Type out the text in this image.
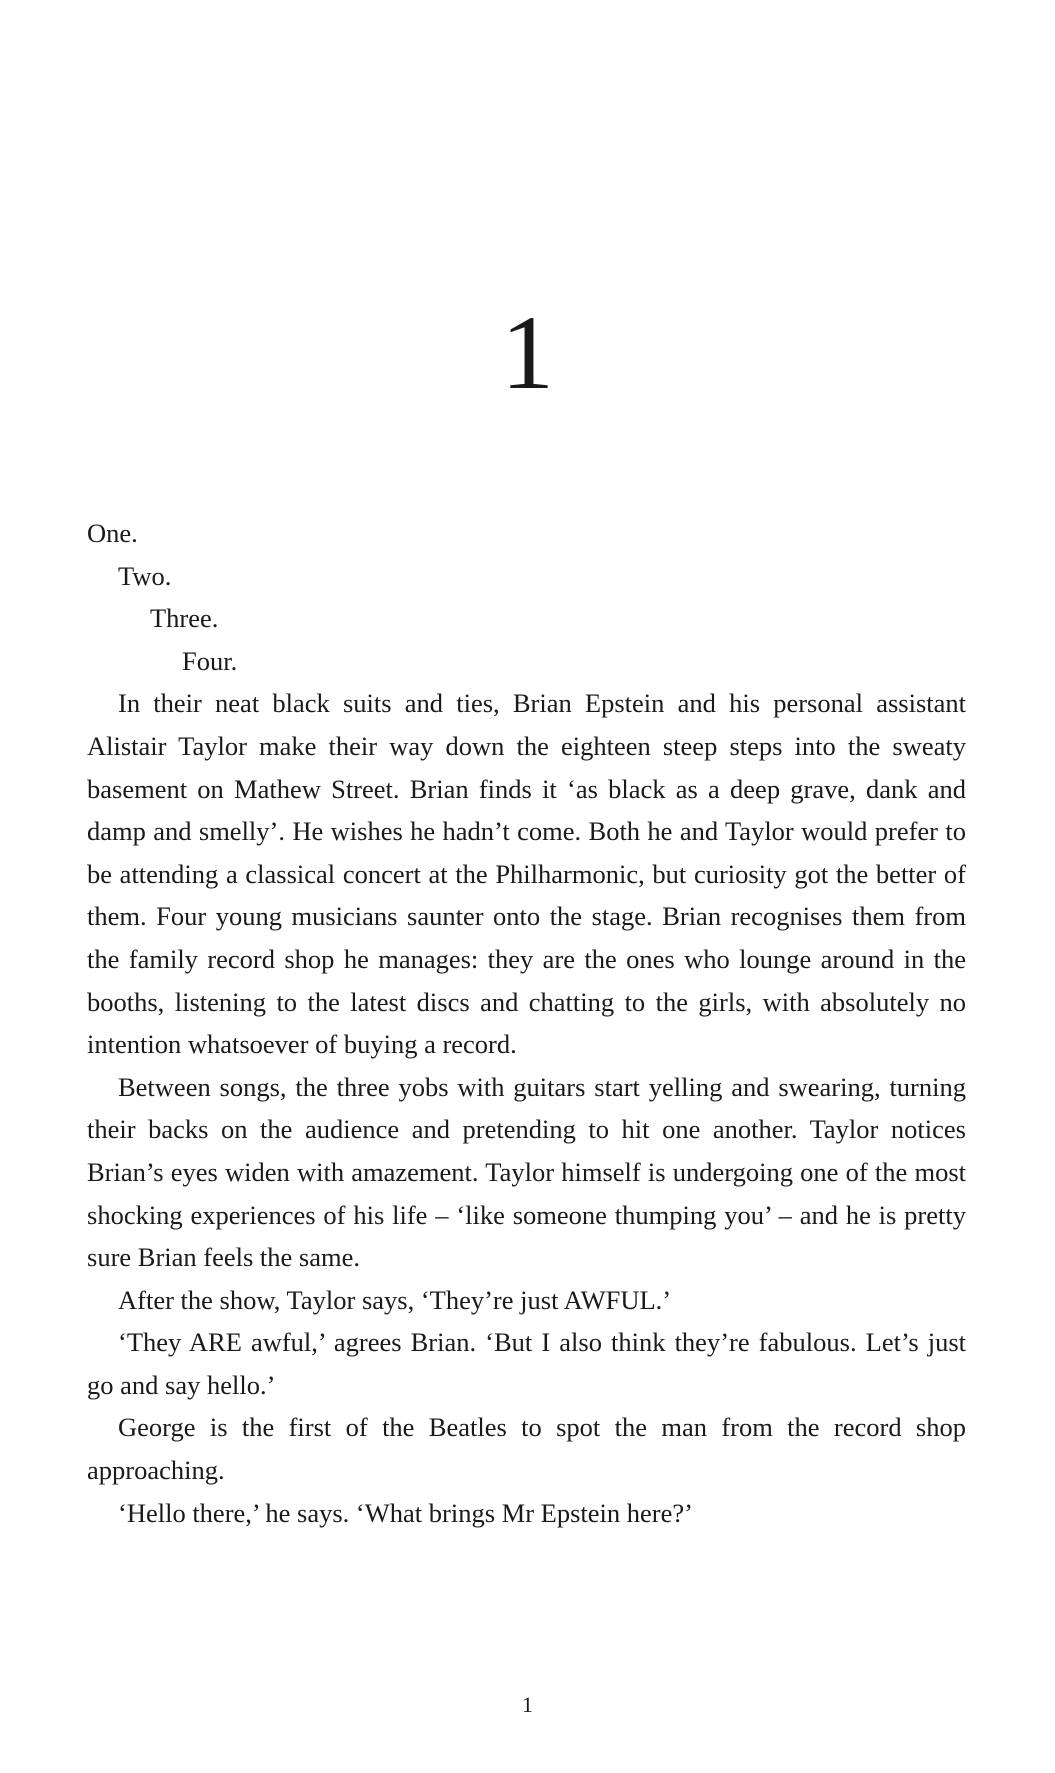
1

One.

Two.

Three.

Four.

In their neat black suits and ties, Brian Epstein and his personal assistant Alistair Taylor make their way down the eighteen steep steps into the sweaty basement on Mathew Street. Brian finds it ‘as black as a deep grave, dank and damp and smelly’. He wishes he hadn’t come. Both he and Taylor would prefer to be attending a classical concert at the Philharmonic, but curiosity got the better of them. Four young musicians saunter onto the stage. Brian recognises them from the family record shop he manages: they are the ones who lounge around in the booths, listening to the latest discs and chatting to the girls, with absolutely no intention whatsoever of buying a record.

Between songs, the three yobs with guitars start yelling and swearing, turning their backs on the audience and pretending to hit one another. Taylor notices Brian’s eyes widen with amazement. Taylor himself is undergoing one of the most shocking experiences of his life – ‘like someone thumping you’ – and he is pretty sure Brian feels the same.

After the show, Taylor says, ‘They’re just AWFUL.’

‘They ARE awful,’ agrees Brian. ‘But I also think they’re fabulous. Let’s just go and say hello.’

George is the first of the Beatles to spot the man from the record shop approaching.

‘Hello there,’ he says. ‘What brings Mr Epstein here?’

1
